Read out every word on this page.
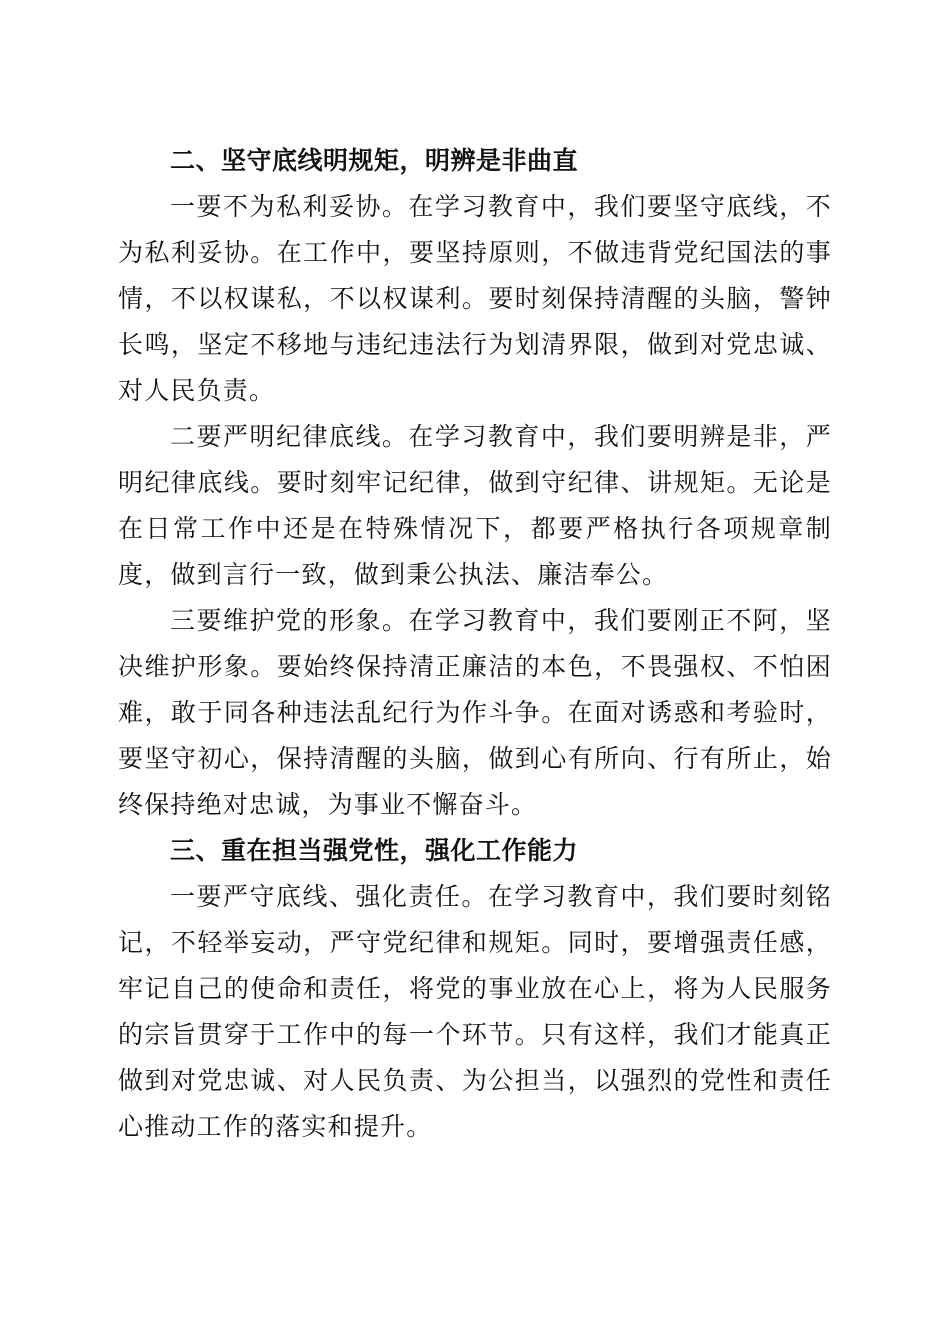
二、坚守底线明规矩，明辨是非曲直

一要不为私利妥协。在学习教育中，我们要坚守底线，不为私利妥协。在工作中，要坚持原则，不做违背党纪国法的事情，不以权谋私，不以权谋利。要时刻保持清醒的头脑，警钟长鸣，坚定不移地与违纪违法行为划清界限，做到对党忠诚、对人民负责。

二要严明纪律底线。在学习教育中，我们要明辨是非，严明纪律底线。要时刻牢记纪律，做到守纪律、讲规矩。无论是在日常工作中还是在特殊情况下，都要严格执行各项规章制度，做到言行一致，做到秉公执法、廉洁奉公。

三要维护党的形象。在学习教育中，我们要刚正不阿，坚决维护形象。要始终保持清正廉洁的本色，不畏强权、不怕困难，敢于同各种违法乱纪行为作斗争。在面对诱惑和考验时，要坚守初心，保持清醒的头脑，做到心有所向、行有所止，始终保持绝对忠诚，为事业不懈奋斗。

三、重在担当强党性，强化工作能力

一要严守底线、强化责任。在学习教育中，我们要时刻铭记，不轻举妄动，严守党纪律和规矩。同时，要增强责任感，牢记自己的使命和责任，将党的事业放在心上，将为人民服务的宗旨贯穿于工作中的每一个环节。只有这样，我们才能真正做到对党忠诚、对人民负责、为公担当，以强烈的党性和责任心推动工作的落实和提升。
